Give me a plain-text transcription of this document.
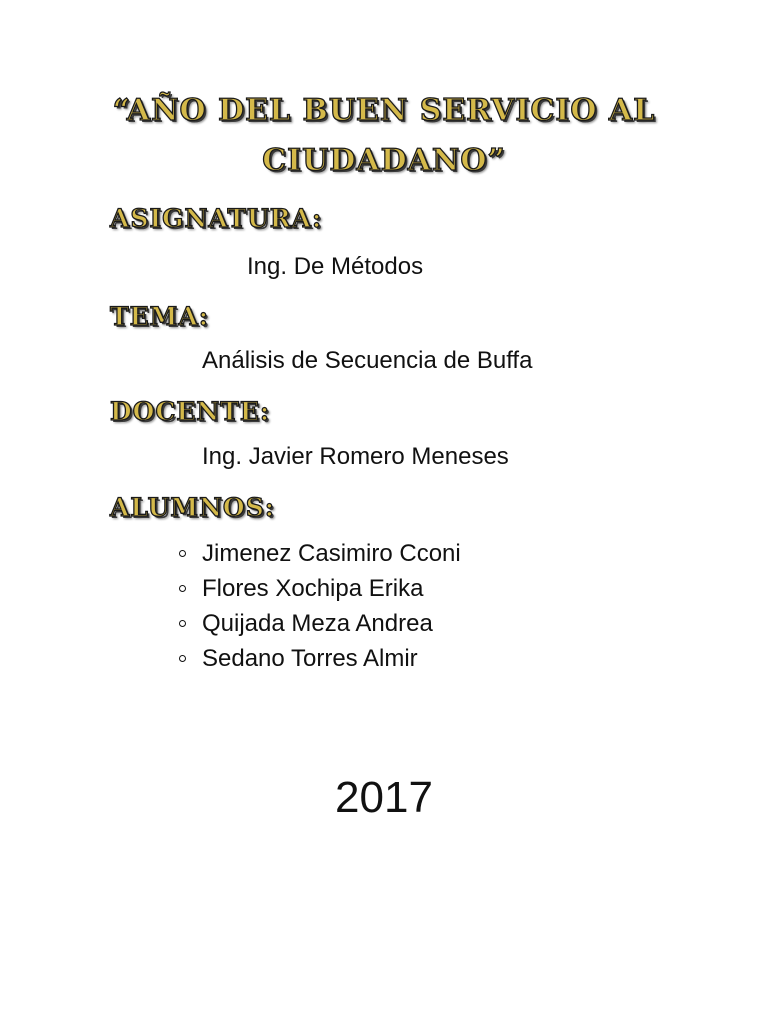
“AÑO DEL BUEN SERVICIO AL
CIUDADANO”
ASIGNATURA:
Ing. De Métodos
TEMA:
Análisis de Secuencia de Buffa
DOCENTE:
Ing. Javier Romero Meneses
ALUMNOS:
Jimenez Casimiro Cconi
Flores Xochipa Erika
Quijada Meza Andrea
Sedano Torres Almir
2017
